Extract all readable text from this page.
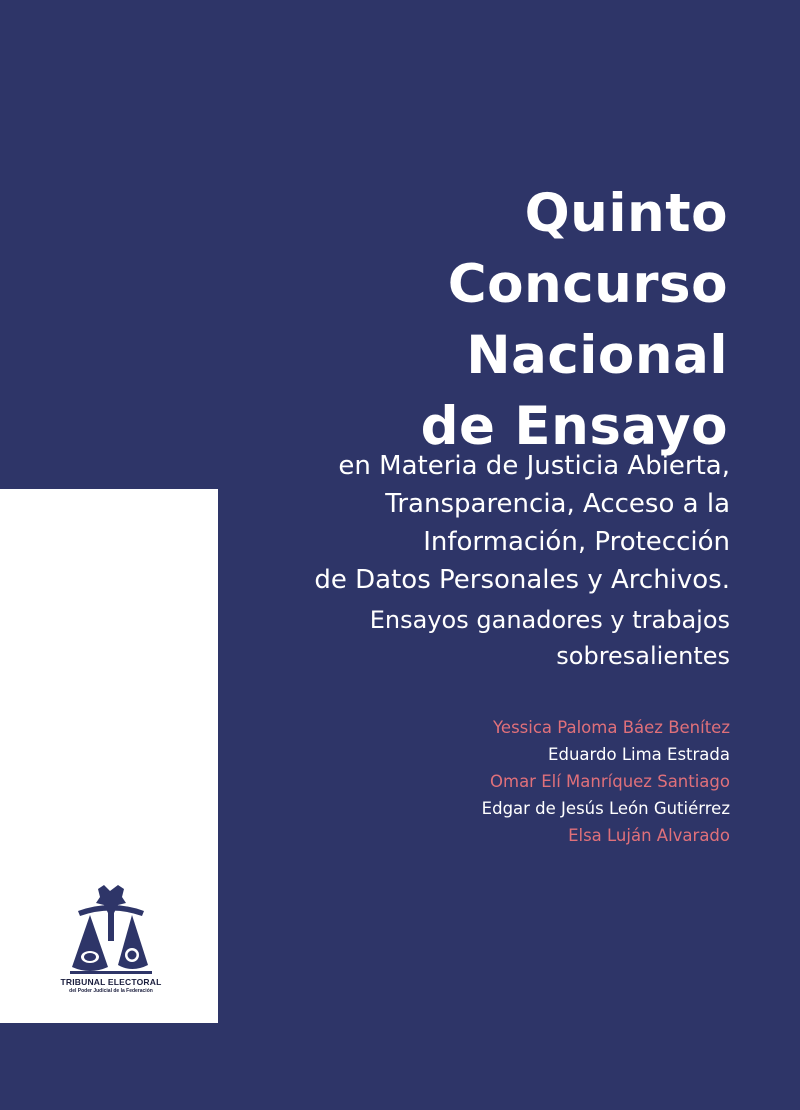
Quinto
Concurso
Nacional
de Ensayo
en Materia de Justicia Abierta,
Transparencia, Acceso a la
Información, Protección
de Datos Personales y Archivos.
Ensayos ganadores y trabajos
sobresalientes
Yessica Paloma Báez Benítez
Eduardo Lima Estrada
Omar Elí Manríquez Santiago
Edgar de Jesús León Gutiérrez
Elsa Luján Alvarado
TRIBUNAL ELECTORAL
del Poder Judicial de la Federación
